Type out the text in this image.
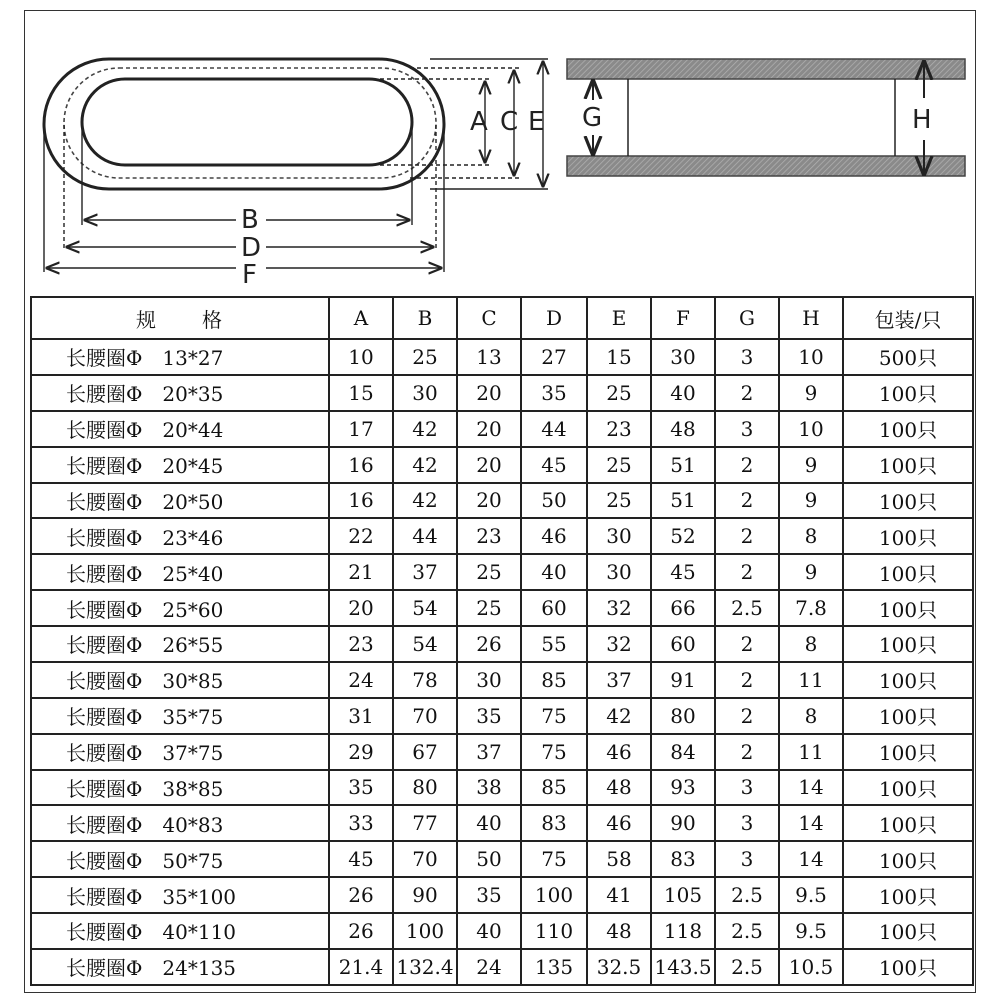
A C E
B
D
F
G	H
规　　格	A	B	C	D	E	F	G	H	包装/只
长腰圈Φ　13*27	10	25	13	27	15	30	3	10	500只
长腰圈Φ　20*35	15	30	20	35	25	40	2	9	100只
长腰圈Φ　20*44	17	42	20	44	23	48	3	10	100只
长腰圈Φ　20*45	16	42	20	45	25	51	2	9	100只
长腰圈Φ　20*50	16	42	20	50	25	51	2	9	100只
长腰圈Φ　23*46	22	44	23	46	30	52	2	8	100只
长腰圈Φ　25*40	21	37	25	40	30	45	2	9	100只
长腰圈Φ　25*60	20	54	25	60	32	66	2.5	7.8	100只
长腰圈Φ　26*55	23	54	26	55	32	60	2	8	100只
长腰圈Φ　30*85	24	78	30	85	37	91	2	11	100只
长腰圈Φ　35*75	31	70	35	75	42	80	2	8	100只
长腰圈Φ　37*75	29	67	37	75	46	84	2	11	100只
长腰圈Φ　38*85	35	80	38	85	48	93	3	14	100只
长腰圈Φ　40*83	33	77	40	83	46	90	3	14	100只
长腰圈Φ　50*75	45	70	50	75	58	83	3	14	100只
长腰圈Φ　35*100	26	90	35	100	41	105	2.5	9.5	100只
长腰圈Φ　40*110	26	100	40	110	48	118	2.5	9.5	100只
长腰圈Φ　24*135	21.4	132.4	24	135	32.5	143.5	2.5	10.5	100只
